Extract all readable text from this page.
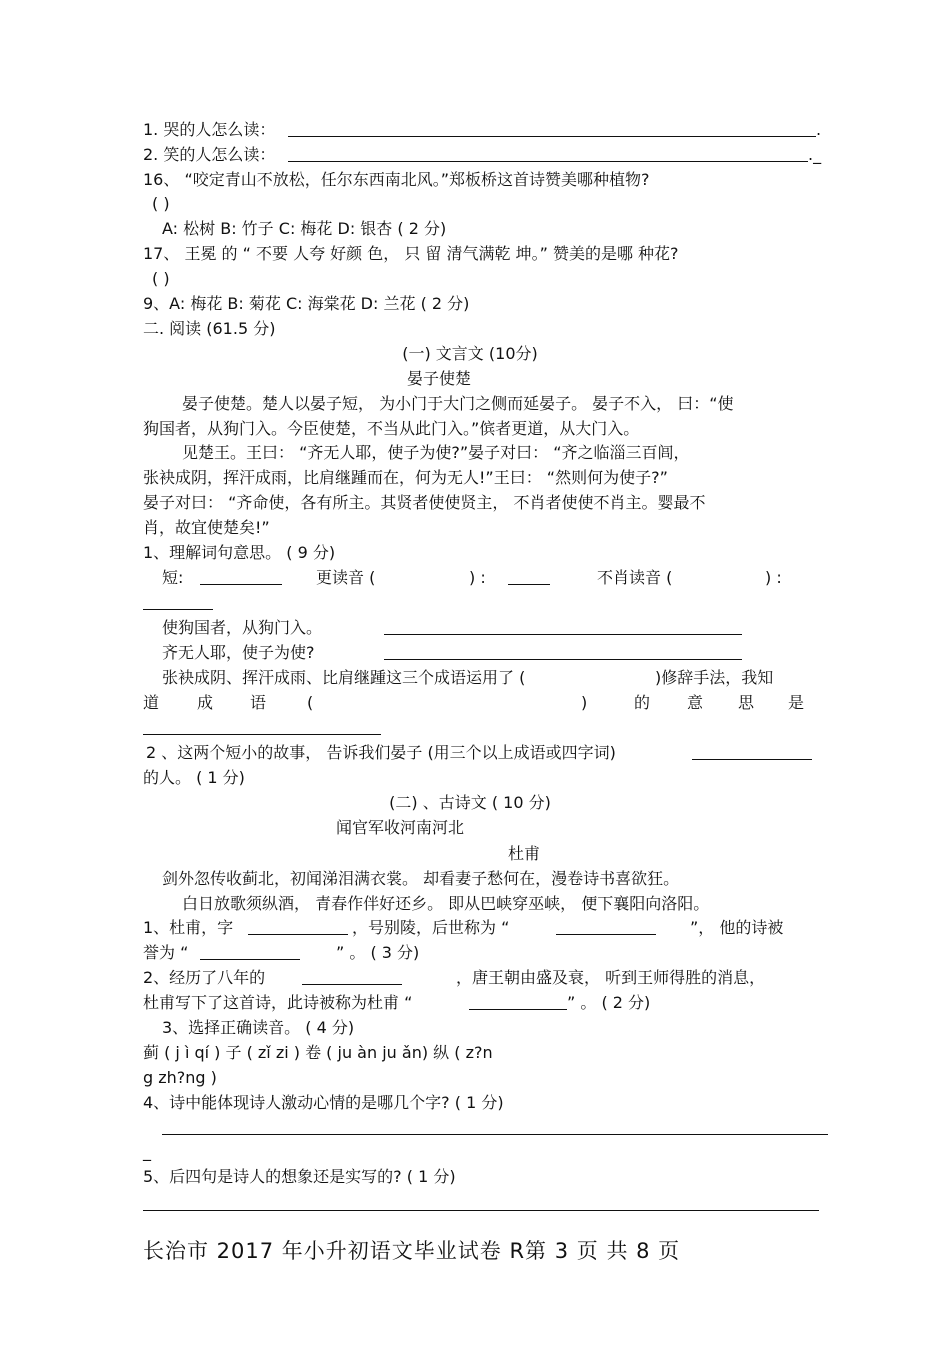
1. 哭的人怎么读：	.
2. 笑的人怎么读：	._
16、 “咬定青山不放松，任尔东西南北风。”郑板桥这首诗赞美哪种植物?
( )
A: 松树 B: 竹子 C: 梅花 D: 银杏 ( 2 分)
17、 王冕 的 “ 不要 人夸 好颜 色， 只 留 清气满乾 坤。” 赞美的是哪 种花?
( )
9、A: 梅花 B: 菊花 C: 海棠花 D: 兰花 ( 2 分)
二. 阅读 (61.5 分)
(一) 文言文 (10分)
晏子使楚
晏子使楚。楚人以晏子短， 为小门于大门之侧而延晏子。 晏子不入， 曰：“使
狗国者，从狗门入。今臣使楚，不当从此门入。”傧者更道，从大门入。
见楚王。王曰： “齐无人耶，使子为使?”晏子对曰： “齐之临淄三百闾，
张袂成阴，挥汗成雨，比肩继踵而在，何为无人!”王曰： “然则何为使子?”
晏子对曰： “齐命使，各有所主。其贤者使使贤主， 不肖者使使不肖主。婴最不
肖，故宜使楚矣!”
1、理解词句意思。 ( 9 分)
短:	更读音 (	) :	不肖读音 (	) :
使狗国者，从狗门入。
齐无人耶，使子为使?
张袂成阴、挥汗成雨、比肩继踵这三个成语运用了 (	)修辞手法，我知
道 成 语	(	)	的 意 思 是
2 、这两个短小的故事， 告诉我们晏子 (用三个以上成语或四字词)
的人。 ( 1 分)
(二) 、古诗文 ( 10 分)
闻官军收河南河北
杜甫
剑外忽传收蓟北，初闻涕泪满衣裳。 却看妻子愁何在，漫卷诗书喜欲狂。
白日放歌须纵酒， 青春作伴好还乡。 即从巴峡穿巫峡， 便下襄阳向洛阳。
1、杜甫，字	，号别陵，后世称为 “	”， 他的诗被
誉为 “	” 。 ( 3 分)
2、经历了八年的	，唐王朝由盛及衰， 听到王师得胜的消息，
杜甫写下了这首诗，此诗被称为杜甫 “	” 。 ( 2 分)
3、选择正确读音。 ( 4 分)
蓟 ( j ì qí ) 子 ( zǐ zi ) 卷 ( ju àn ju ǎn) 纵 ( z?n
g zh?ng )
4、诗中能体现诗人激动心情的是哪几个字? ( 1 分)
_
5、后四句是诗人的想象还是实写的? ( 1 分)
长治市 2017 年小升初语文毕业试卷 R第 3 页 共 8 页
